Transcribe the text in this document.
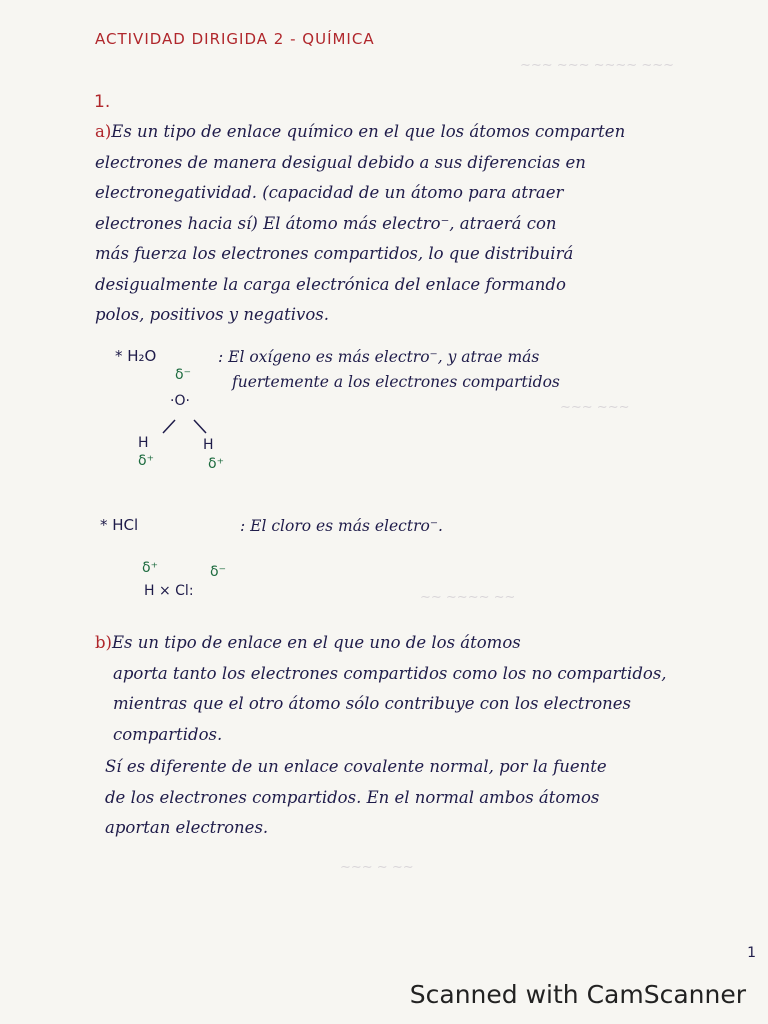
∼∼∼ ∼∼∼ ∼∼∼∼ ∼∼∼
∼∼∼ ∼∼∼
∼∼ ∼∼∼∼ ∼∼
∼∼∼ ∼ ∼∼
ACTIVIDAD DIRIGIDA 2 - QUÍMICA
1.
a)Es un tipo de enlace químico en el que los átomos comparten
electrones de manera desigual debido a sus diferencias en
electronegatividad. (capacidad de un átomo para atraer
electrones hacia sí) El átomo más electro⁻, atraerá con
más fuerza los electrones compartidos, lo que distribuirá
desigualmente la carga electrónica del enlace formando
polos, positivos y negativos.
* H₂O	: El oxígeno es más electro⁻, y atrae más
fuertemente a los electrones compartidos
δ⁻
·O·
H	H
δ⁺	δ⁺
* HCl	: El cloro es más electro⁻.
δ⁺	δ⁻
H × Cl:
b)Es un tipo de enlace en el que uno de los átomos
aporta tanto los electrones compartidos como los no compartidos,
mientras que el otro átomo sólo contribuye con los electrones
compartidos.
Sí es diferente de un enlace covalente normal, por la fuente
de los electrones compartidos. En el normal ambos átomos
aportan electrones.
1
Scanned with CamScanner
